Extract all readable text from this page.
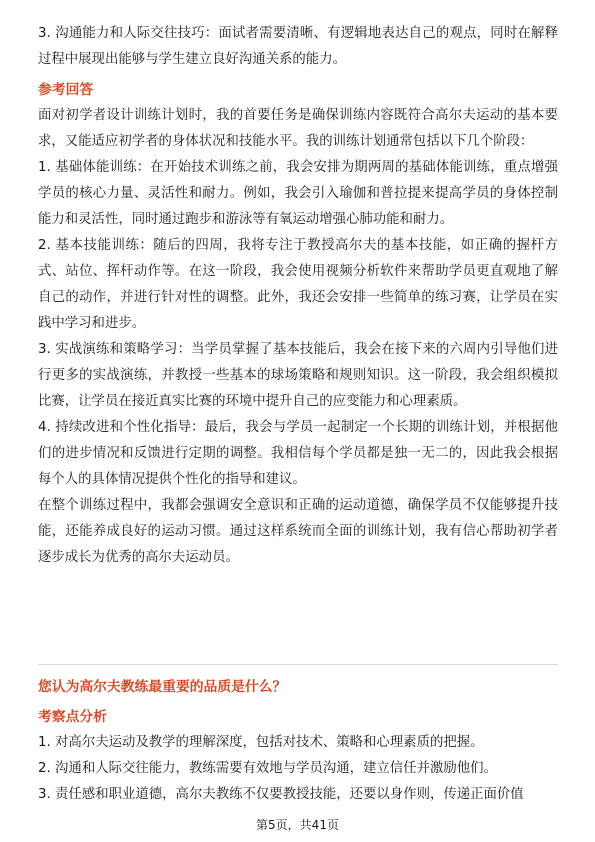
3. 沟通能力和人际交往技巧：面试者需要清晰、有逻辑地表达自己的观点，同时在解释过程中展现出能够与学生建立良好沟通关系的能力。

参考回答

面对初学者设计训练计划时，我的首要任务是确保训练内容既符合高尔夫运动的基本要求，又能适应初学者的身体状况和技能水平。我的训练计划通常包括以下几个阶段：

1. 基础体能训练：在开始技术训练之前，我会安排为期两周的基础体能训练，重点增强学员的核心力量、灵活性和耐力。例如，我会引入瑜伽和普拉提来提高学员的身体控制能力和灵活性，同时通过跑步和游泳等有氧运动增强心肺功能和耐力。

2. 基本技能训练：随后的四周，我将专注于教授高尔夫的基本技能，如正确的握杆方式、站位、挥杆动作等。在这一阶段，我会使用视频分析软件来帮助学员更直观地了解自己的动作，并进行针对性的调整。此外，我还会安排一些简单的练习赛，让学员在实践中学习和进步。

3. 实战演练和策略学习：当学员掌握了基本技能后，我会在接下来的六周内引导他们进行更多的实战演练，并教授一些基本的球场策略和规则知识。这一阶段，我会组织模拟比赛，让学员在接近真实比赛的环境中提升自己的应变能力和心理素质。

4. 持续改进和个性化指导：最后，我会与学员一起制定一个长期的训练计划，并根据他们的进步情况和反馈进行定期的调整。我相信每个学员都是独一无二的，因此我会根据每个人的具体情况提供个性化的指导和建议。

在整个训练过程中，我都会强调安全意识和正确的运动道德，确保学员不仅能够提升技能，还能养成良好的运动习惯。通过这样系统而全面的训练计划，我有信心帮助初学者逐步成长为优秀的高尔夫运动员。

您认为高尔夫教练最重要的品质是什么？

考察点分析

1. 对高尔夫运动及教学的理解深度，包括对技术、策略和心理素质的把握。

2. 沟通和人际交往能力，教练需要有效地与学员沟通，建立信任并激励他们。

3. 责任感和职业道德，高尔夫教练不仅要教授技能，还要以身作则，传递正面价值

第5页，共41页
